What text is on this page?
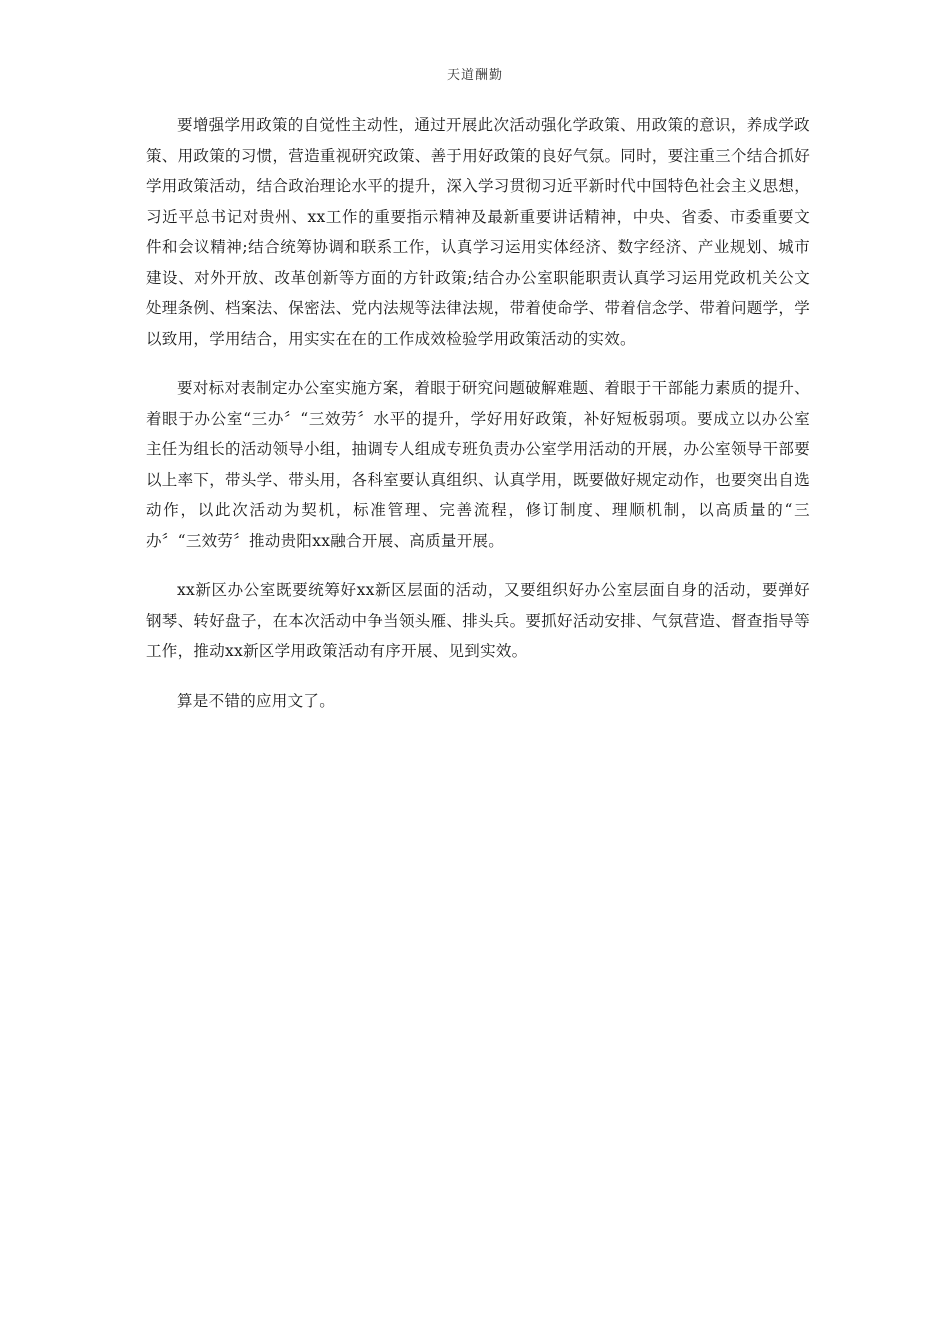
天道酬勤

要增强学用政策的自觉性主动性，通过开展此次活动强化学政策、用政策的意识，养成学政策、用政策的习惯，营造重视研究政策、善于用好政策的良好气氛。同时，要注重三个结合抓好学用政策活动，结合政治理论水平的提升，深入学习贯彻习近平新时代中国特色社会主义思想，习近平总书记对贵州、xx工作的重要指示精神及最新重要讲话精神，中央、省委、市委重要文件和会议精神;结合统筹协调和联系工作，认真学习运用实体经济、数字经济、产业规划、城市建设、对外开放、改革创新等方面的方针政策;结合办公室职能职责认真学习运用党政机关公文处理条例、档案法、保密法、党内法规等法律法规，带着使命学、带着信念学、带着问题学，学以致用，学用结合，用实实在在的工作成效检验学用政策活动的实效。

要对标对表制定办公室实施方案，着眼于研究问题破解难题、着眼于干部能力素质的提升、着眼于办公室“三办〞“三效劳〞水平的提升，学好用好政策，补好短板弱项。要成立以办公室主任为组长的活动领导小组，抽调专人组成专班负责办公室学用活动的开展，办公室领导干部要以上率下，带头学、带头用，各科室要认真组织、认真学用，既要做好规定动作，也要突出自选动作，以此次活动为契机，标准管理、完善流程，修订制度、理顺机制，以高质量的“三办〞“三效劳〞推动贵阳xx融合开展、高质量开展。

xx新区办公室既要统筹好xx新区层面的活动，又要组织好办公室层面自身的活动，要弹好钢琴、转好盘子，在本次活动中争当领头雁、排头兵。要抓好活动安排、气氛营造、督查指导等工作，推动xx新区学用政策活动有序开展、见到实效。

算是不错的应用文了。
